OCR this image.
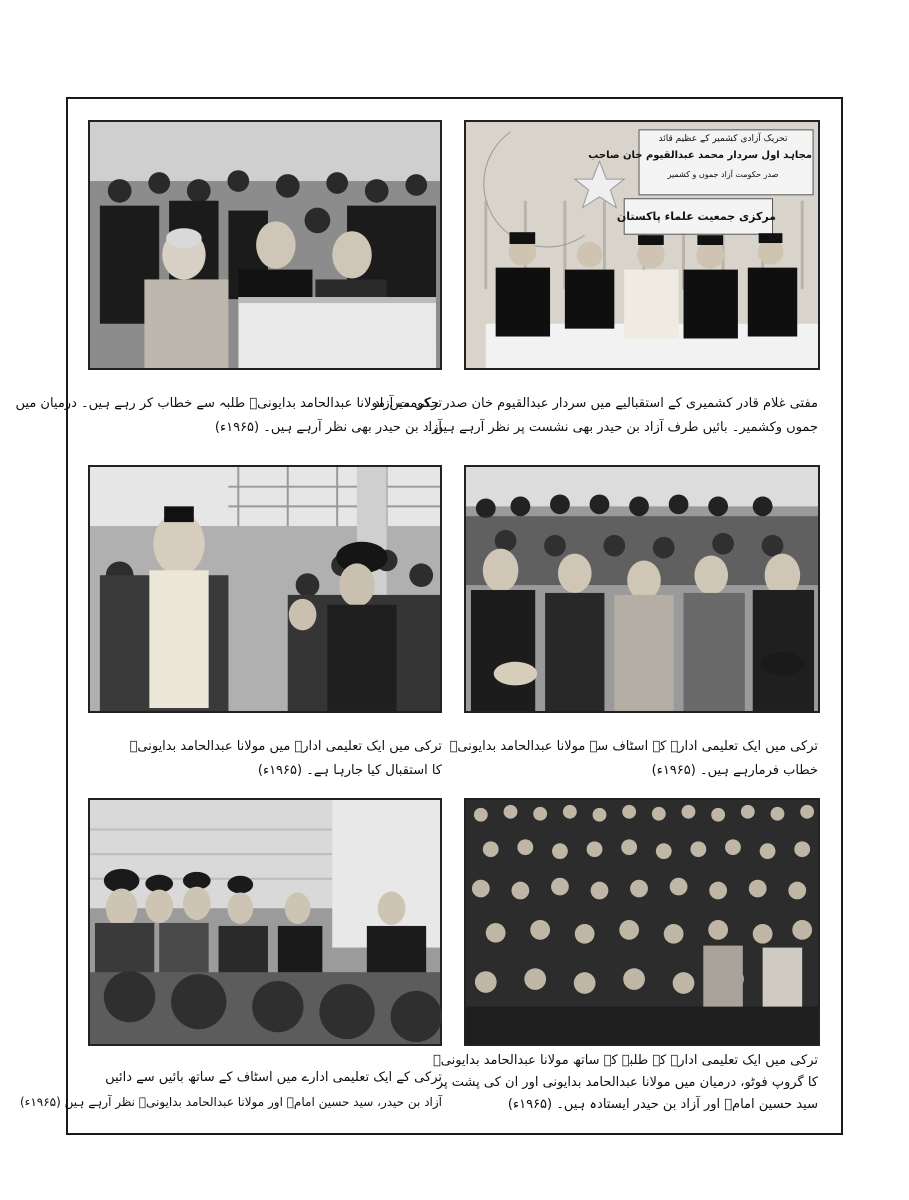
تحریک آزادی کشمیر کے عظیم قائد
مجاہد اول سردار محمد عبدالقیوم خان صاحب
صدر حکومت آزاد جموں و کشمیر
مرکزی جمعیت علماء پاکستان
ترکی میں مولانا عبدالحامد بدایونیؒ طلبہ سے خطاب کر رہے ہیں۔ درمیان میں
آزاد بن حیدر بھی نظر آرہے ہیں۔ (۱۹۶۵ء)
مفتی غلام قادر کشمیری کے استقبالیے میں سردار عبدالقیوم خان صدر حکومت آزاد
جموں وکشمیر۔ بائیں طرف آزاد بن حیدر بھی نشست پر نظر آرہے ہیں۔
ترکی میں ایک تعلیمی ادارے میں مولانا عبدالحامد بدایونیؒ
کا استقبال کیا جارہا ہے۔ (۱۹۶۵ء)
ترکی میں ایک تعلیمی ادارے کے اسٹاف سے مولانا عبدالحامد بدایونیؒ
خطاب فرمارہے ہیں۔ (۱۹۶۵ء)
ترکی کے ایک تعلیمی ادارے میں اسٹاف کے ساتھ بائیں سے دائیں
آزاد بن حیدر، سید حسین امامؒ اور مولانا عبدالحامد بدایونیؒ نظر آرہے ہیں (۱۹۶۵ء)
ترکی میں ایک تعلیمی ادارے کے طلبہ کے ساتھ مولانا عبدالحامد بدایونیؒ
کا گروپ فوٹو، درمیان میں مولانا عبدالحامد بدایونی اور ان کی پشت پر
سید حسین امامؒ اور آزاد بن حیدر ایستادہ ہیں۔ (۱۹۶۵ء)
